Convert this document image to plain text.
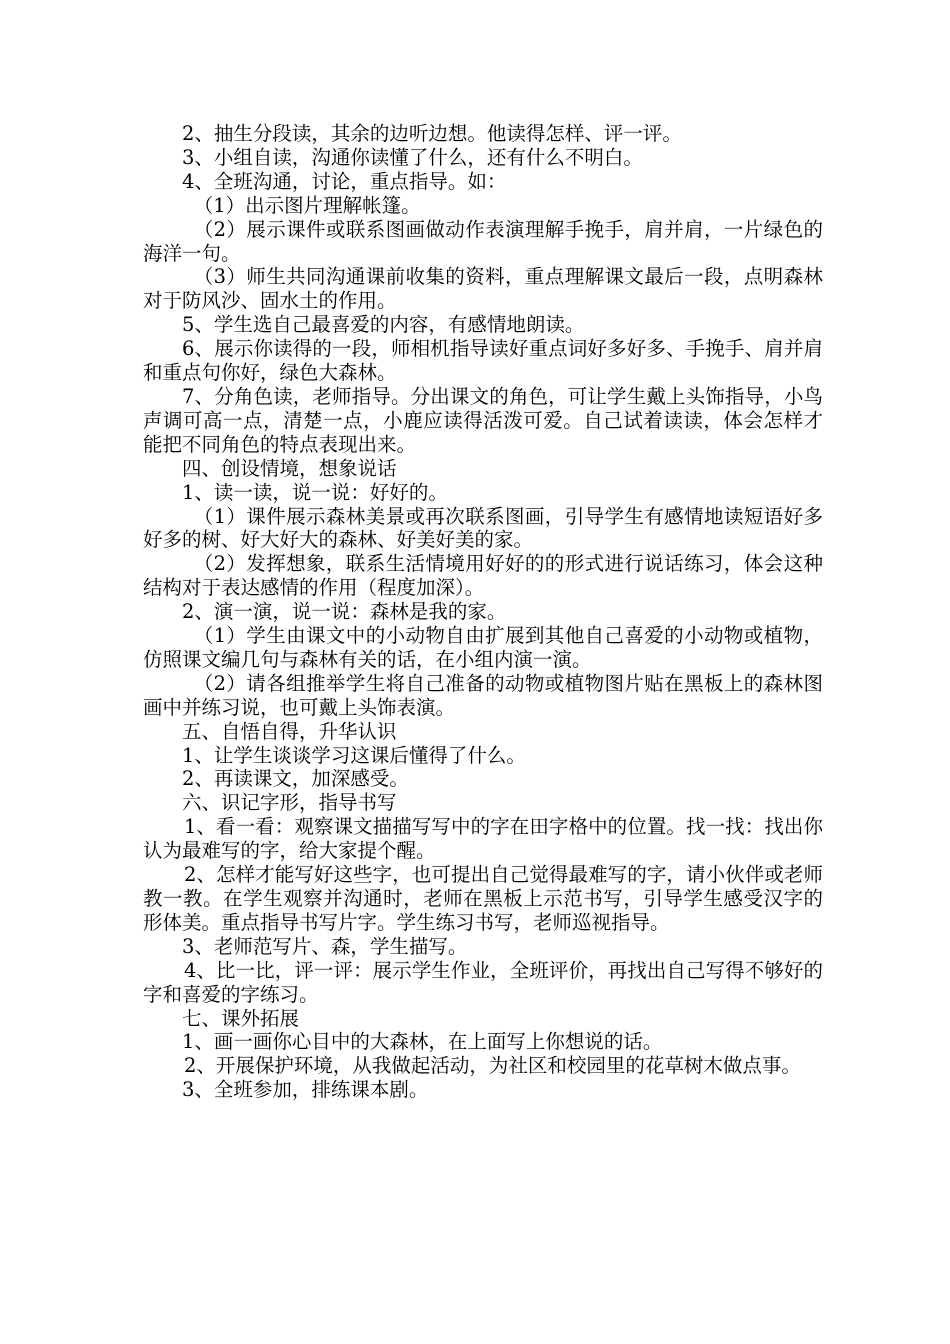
2、抽生分段读，其余的边听边想。他读得怎样、评一评。

3、小组自读，沟通你读懂了什么，还有什么不明白。

4、全班沟通，讨论，重点指导。如：

（1）出示图片理解帐篷。

（2）展示课件或联系图画做动作表演理解手挽手，肩并肩，一片绿色的海洋一句。

（3）师生共同沟通课前收集的资料，重点理解课文最后一段，点明森林对于防风沙、固水土的作用。

5、学生选自己最喜爱的内容，有感情地朗读。

6、展示你读得的一段，师相机指导读好重点词好多好多、手挽手、肩并肩和重点句你好，绿色大森林。

7、分角色读，老师指导。分出课文的角色，可让学生戴上头饰指导，小鸟声调可高一点，清楚一点，小鹿应读得活泼可爱。自己试着读读，体会怎样才能把不同角色的特点表现出来。

四、创设情境，想象说话

1、读一读，说一说：好好的。

（1）课件展示森林美景或再次联系图画，引导学生有感情地读短语好多好多的树、好大好大的森林、好美好美的家。

（2）发挥想象，联系生活情境用好好的的形式进行说话练习，体会这种结构对于表达感情的作用（程度加深）。

2、演一演，说一说：森林是我的家。

（1）学生由课文中的小动物自由扩展到其他自己喜爱的小动物或植物，仿照课文编几句与森林有关的话，在小组内演一演。

（2）请各组推举学生将自己准备的动物或植物图片贴在黑板上的森林图画中并练习说，也可戴上头饰表演。

五、自悟自得，升华认识

1、让学生谈谈学习这课后懂得了什么。

2、再读课文，加深感受。

六、识记字形，指导书写

1、看一看：观察课文描描写写中的字在田字格中的位置。找一找：找出你认为最难写的字，给大家提个醒。

2、怎样才能写好这些字，也可提出自己觉得最难写的字，请小伙伴或老师教一教。在学生观察并沟通时，老师在黑板上示范书写，引导学生感受汉字的形体美。重点指导书写片字。学生练习书写，老师巡视指导。

3、老师范写片、森，学生描写。

4、比一比，评一评：展示学生作业，全班评价，再找出自己写得不够好的字和喜爱的字练习。

七、课外拓展

1、画一画你心目中的大森林，在上面写上你想说的话。

2、开展保护环境，从我做起活动，为社区和校园里的花草树木做点事。

3、全班参加，排练课本剧。
